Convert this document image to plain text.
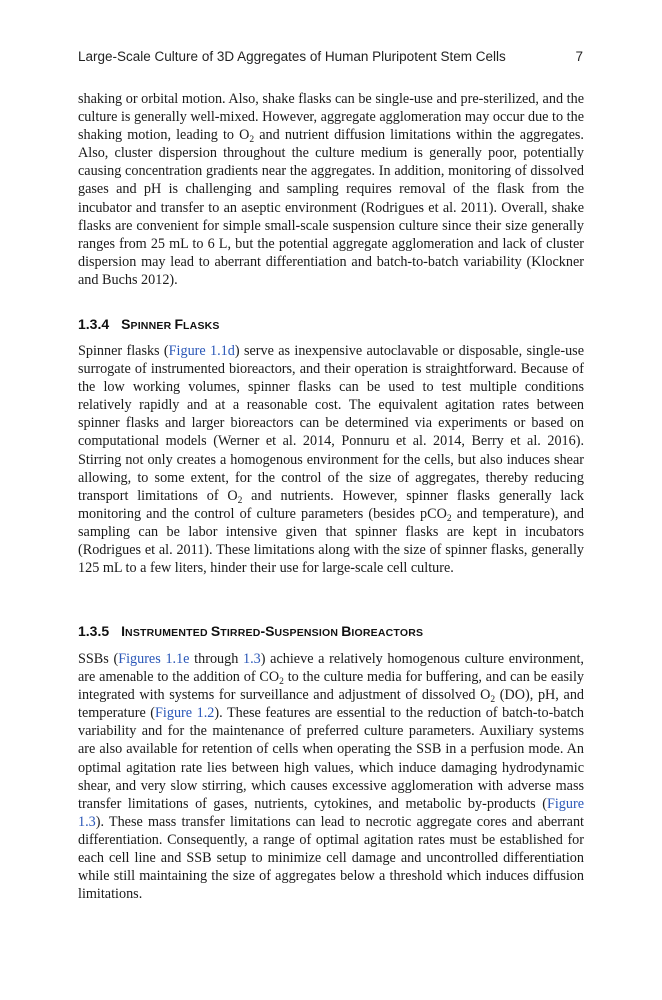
Large-Scale Culture of 3D Aggregates of Human Pluripotent Stem Cells	7

shaking or orbital motion. Also, shake flasks can be single-use and pre-sterilized, and the culture is generally well-mixed. However, aggregate agglomeration may occur due to the shaking motion, leading to $O_2$ and nutrient diffusion limitations within the aggregates. Also, cluster dispersion throughout the culture medium is generally poor, potentially causing concentration gradients near the aggregates. In addition, monitoring of dissolved gases and pH is challenging and sampling requires removal of the flask from the incubator and transfer to an aseptic environment (Rodrigues et al. 2011). Overall, shake flasks are convenient for simple small-scale suspension culture since their size generally ranges from 25 mL to 6 L, but the potential aggregate agglomeration and lack of cluster dispersion may lead to aberrant differentiation and batch-to-batch variability (Klockner and Buchs 2012).

1.3.4 SPINNER FLASKS

Spinner flasks (Figure 1.1d) serve as inexpensive autoclavable or disposable, single-use surrogate of instrumented bioreactors, and their operation is straightforward. Because of the low working volumes, spinner flasks can be used to test multiple conditions relatively rapidly and at a reasonable cost. The equivalent agitation rates between spinner flasks and larger bioreactors can be determined via experiments or based on computational models (Werner et al. 2014, Ponnuru et al. 2014, Berry et al. 2016). Stirring not only creates a homogenous environment for the cells, but also induces shear allowing, to some extent, for the control of the size of aggregates, thereby reducing transport limitations of $O_2$ and nutrients. However, spinner flasks generally lack monitoring and the control of culture parameters (besides pCO$_2$ and temperature), and sampling can be labor intensive given that spinner flasks are kept in incubators (Rodrigues et al. 2011). These limitations along with the size of spinner flasks, generally 125 mL to a few liters, hinder their use for large-scale cell culture.

1.3.5 INSTRUMENTED STIRRED-SUSPENSION BIOREACTORS

SSBs (Figures 1.1e through 1.3) achieve a relatively homogenous culture environment, are amenable to the addition of $CO_2$ to the culture media for buffering, and can be easily integrated with systems for surveillance and adjustment of dissolved $O_2$ (DO), pH, and temperature (Figure 1.2). These features are essential to the reduction of batch-to-batch variability and for the maintenance of preferred culture parameters. Auxiliary systems are also available for retention of cells when operating the SSB in a perfusion mode. An optimal agitation rate lies between high values, which induce damaging hydrodynamic shear, and very slow stirring, which causes excessive agglomeration with adverse mass transfer limitations of gases, nutrients, cytokines, and metabolic by-products (Figure 1.3). These mass transfer limitations can lead to necrotic aggregate cores and aberrant differentiation. Consequently, a range of optimal agitation rates must be established for each cell line and SSB setup to minimize cell damage and uncontrolled differentiation while still maintaining the size of aggregates below a threshold which induces diffusion limitations.
